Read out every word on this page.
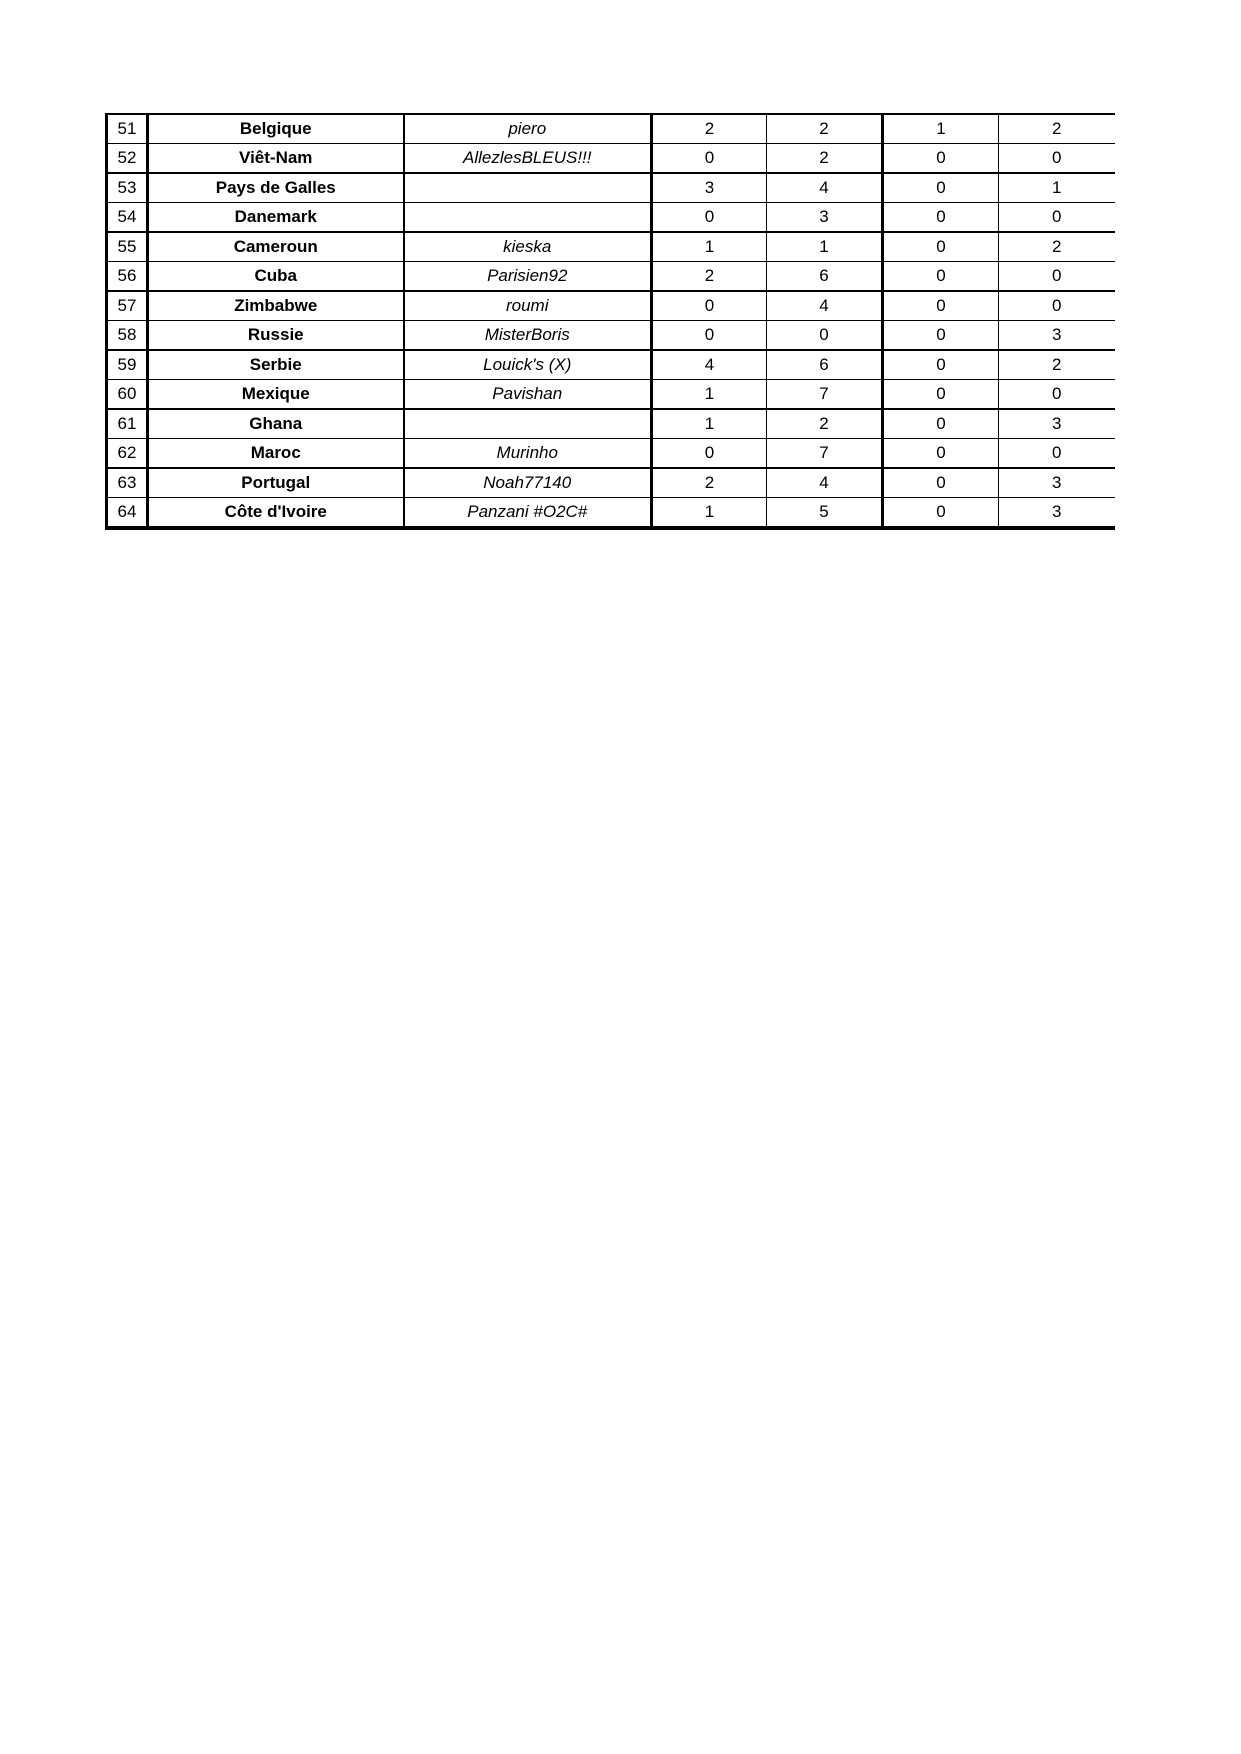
51	Belgique	piero	2	2	1	2
52	Viêt-Nam	AllezlesBLEUS!!!	0	2	0	0
53	Pays de Galles		3	4	0	1
54	Danemark		0	3	0	0
55	Cameroun	kieska	1	1	0	2
56	Cuba	Parisien92	2	6	0	0
57	Zimbabwe	roumi	0	4	0	0
58	Russie	MisterBoris	0	0	0	3
59	Serbie	Louick's (X)	4	6	0	2
60	Mexique	Pavishan	1	7	0	0
61	Ghana		1	2	0	3
62	Maroc	Murinho	0	7	0	0
63	Portugal	Noah77140	2	4	0	3
64	Côte d'Ivoire	Panzani #O2C#	1	5	0	3
